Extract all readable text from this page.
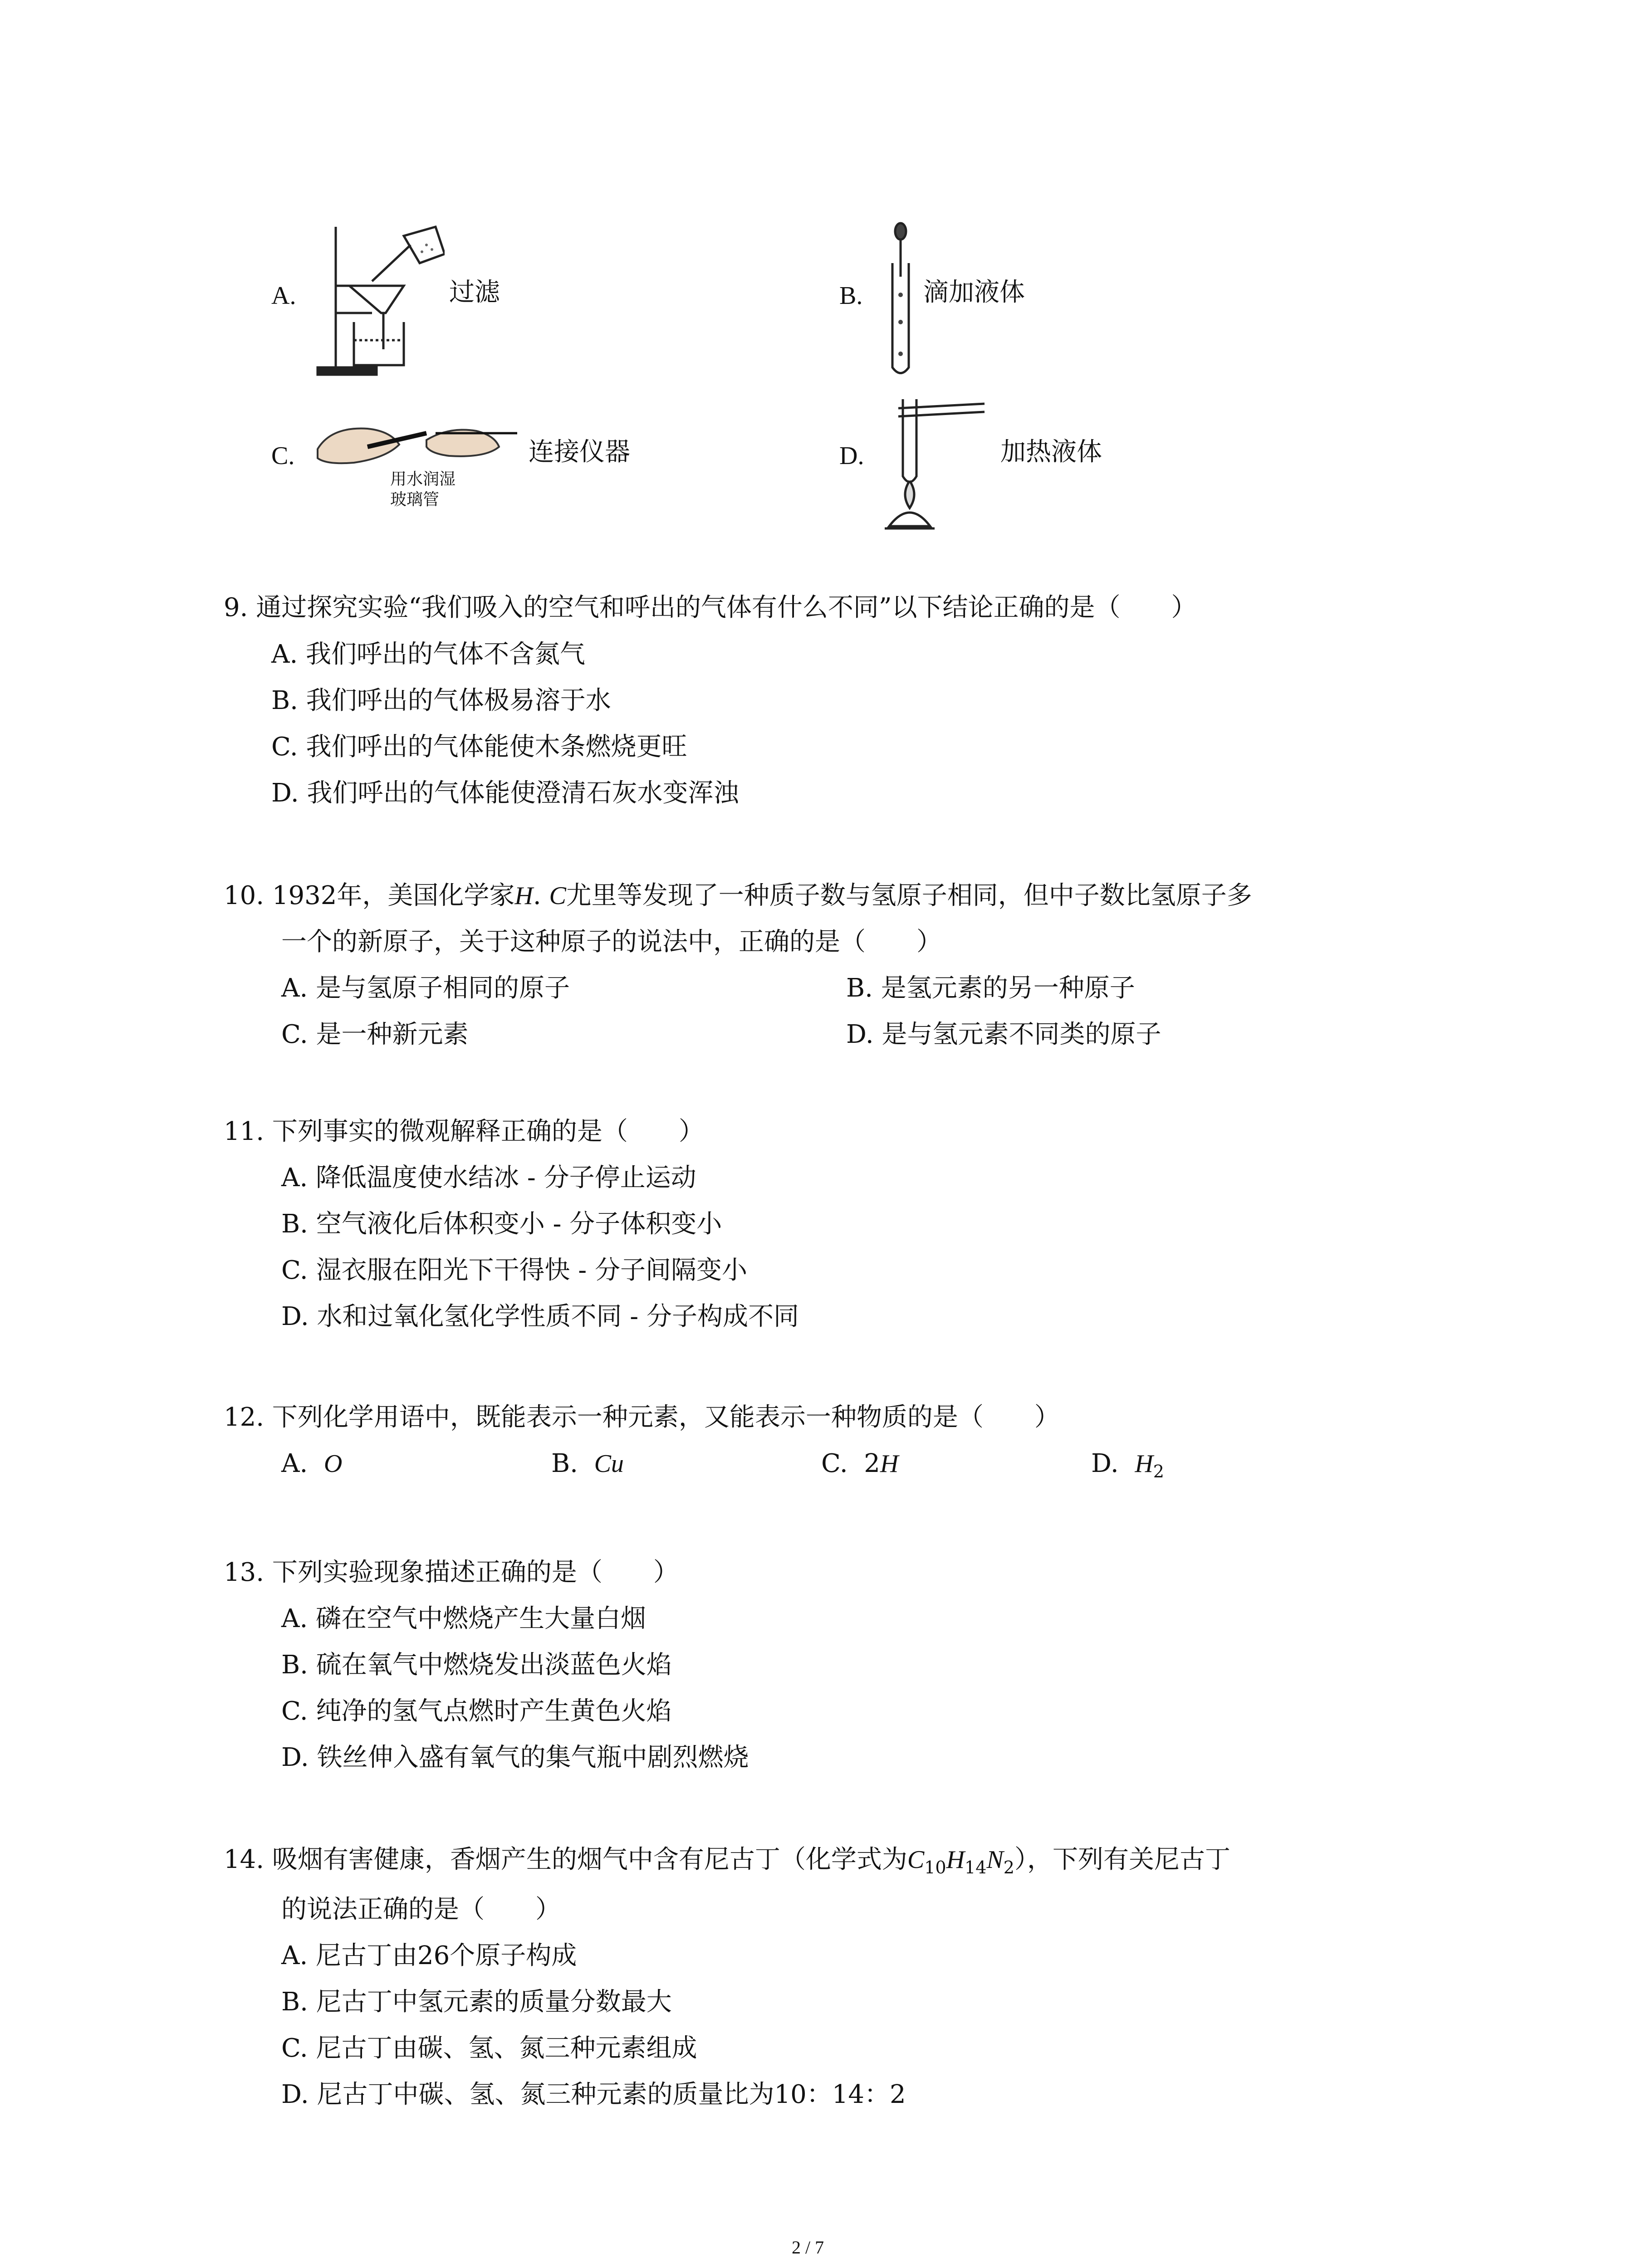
A.	过滤	B. 滴加液体
C.
用水润湿
玻璃管
连接仪器	D.	加热液体
9. 通过探究实验“我们吸入的空气和呼出的气体有什么不同”以下结论正确的是（　　）
A. 我们呼出的气体不含氮气
B. 我们呼出的气体极易溶于水
C. 我们呼出的气体能使木条燃烧更旺
D. 我们呼出的气体能使澄清石灰水变浑浊
10. 1932年，美国化学家H. C尤里等发现了一种质子数与氢原子相同，但中子数比氢原子多
一个的新原子，关于这种原子的说法中，正确的是（　　）
A. 是与氢原子相同的原子	B. 是氢元素的另一种原子
C. 是一种新元素	D. 是与氢元素不同类的原子
11. 下列事实的微观解释正确的是（　　）
A. 降低温度使水结冰 - 分子停止运动
B. 空气液化后体积变小 - 分子体积变小
C. 湿衣服在阳光下干得快 - 分子间隔变小
D. 水和过氧化氢化学性质不同 - 分子构成不同
12. 下列化学用语中，既能表示一种元素，又能表示一种物质的是（　　）
A. O	B. Cu	C. 2H	D. $H_2$
13. 下列实验现象描述正确的是（　　）
A. 磷在空气中燃烧产生大量白烟
B. 硫在氧气中燃烧发出淡蓝色火焰
C. 纯净的氢气点燃时产生黄色火焰
D. 铁丝伸入盛有氧气的集气瓶中剧烈燃烧
14. 吸烟有害健康，香烟产生的烟气中含有尼古丁（化学式为$C_{10}H_{14}N_2$），下列有关尼古丁
的说法正确的是（　　）
A. 尼古丁由26个原子构成
B. 尼古丁中氢元素的质量分数最大
C. 尼古丁由碳、氢、氮三种元素组成
D. 尼古丁中碳、氢、氮三种元素的质量比为10：14：2
2 / 7
